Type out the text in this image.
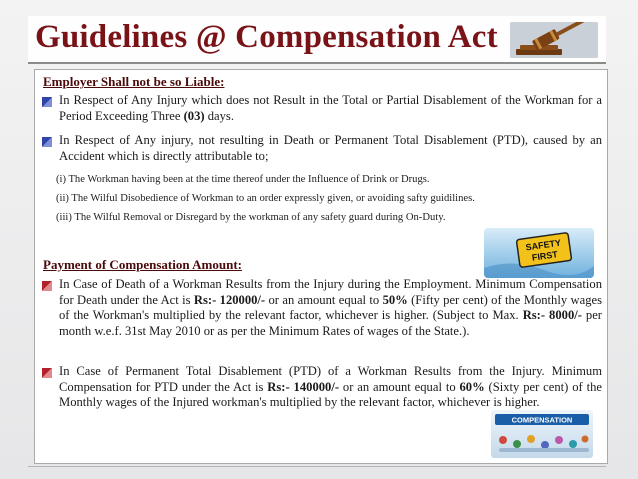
Guidelines @ Compensation Act
Employer Shall not be so Liable:
In Respect of Any Injury which does not Result in the Total or Partial Disablement of the Workman for a Period Exceeding Three (03) days.
In Respect of Any injury, not resulting in Death or Permanent Total Disablement (PTD), caused by an Accident which is directly attributable to;
(i) The Workman having been at the time thereof under the Influence of Drink or Drugs.
(ii) The Wilful Disobedience of Workman to an order expressly given, or avoiding safty guidilines.
(iii) The Wilful Removal or Disregard by the workman of any safety guard during On-Duty.
SAFETY
FIRST
Payment of Compensation Amount:
In Case of Death of a Workman Results from the Injury during the Employment. Minimum Compensation for Death under the Act is Rs:- 120000/- or an amount equal to 50% (Fifty per cent) of the Monthly wages of the Workman's multiplied by the relevant factor, whichever is higher. (Subject to Max. Rs:- 8000/- per month w.e.f. 31st May 2010 or as per the Minimum Rates of wages of the State.).
In Case of Permanent Total Disablement (PTD) of a Workman Results from the Injury. Minimum Compensation for PTD under the Act is Rs:- 140000/- or an amount equal to 60% (Sixty per cent) of the Monthly wages of the Injured workman's multiplied by the relevant factor, whichever is higher.
COMPENSATION
